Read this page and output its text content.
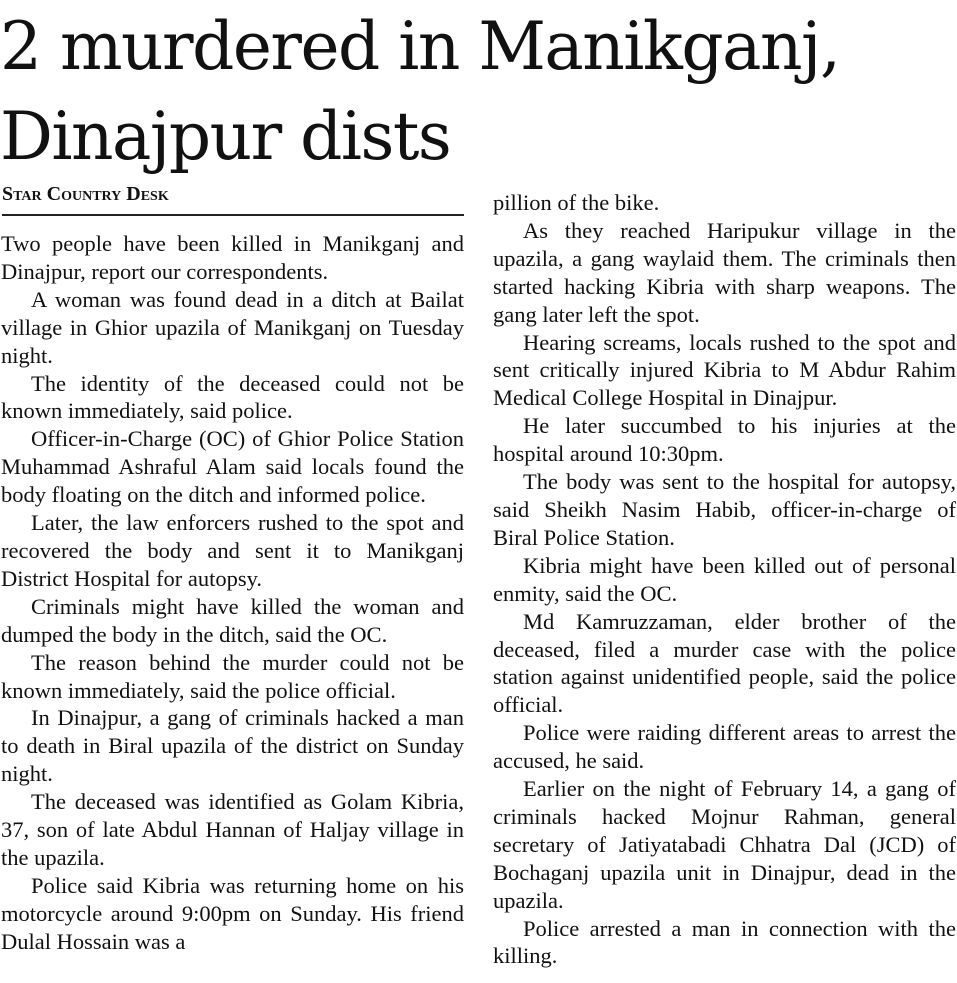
2 murdered in Manikganj, Dinajpur dists
Star Country Desk

Two people have been killed in Manikganj and Dinajpur, report our correspondents.

A woman was found dead in a ditch at Bailat village in Ghior upazila of Manikganj on Tuesday night.

The identity of the deceased could not be known immediately, said police.

Officer-in-Charge (OC) of Ghior Police Station Muhammad Ashraful Alam said locals found the body floating on the ditch and informed police.

Later, the law enforcers rushed to the spot and recovered the body and sent it to Manikganj District Hospital for autopsy.

Criminals might have killed the woman and dumped the body in the ditch, said the OC.

The reason behind the murder could not be known immediately, said the police official.

In Dinajpur, a gang of criminals hacked a man to death in Biral upazila of the district on Sunday night.

The deceased was identified as Golam Kibria, 37, son of late Abdul Hannan of Haljay village in the upazila.

Police said Kibria was returning home on his motorcycle around 9:00pm on Sunday. His friend Dulal Hossain was a

pillion of the bike.

As they reached Haripukur village in the upazila, a gang waylaid them. The criminals then started hacking Kibria with sharp weapons. The gang later left the spot.

Hearing screams, locals rushed to the spot and sent critically injured Kibria to M Abdur Rahim Medical College Hospital in Dinajpur.

He later succumbed to his injuries at the hospital around 10:30pm.

The body was sent to the hospital for autopsy, said Sheikh Nasim Habib, officer-in-charge of Biral Police Station.

Kibria might have been killed out of personal enmity, said the OC.

Md Kamruzzaman, elder brother of the deceased, filed a murder case with the police station against unidentified people, said the police official.

Police were raiding different areas to arrest the accused, he said.

Earlier on the night of February 14, a gang of criminals hacked Mojnur Rahman, general secretary of Jatiyatabadi Chhatra Dal (JCD) of Bochaganj upazila unit in Dinajpur, dead in the upazila.

Police arrested a man in connection with the killing.
